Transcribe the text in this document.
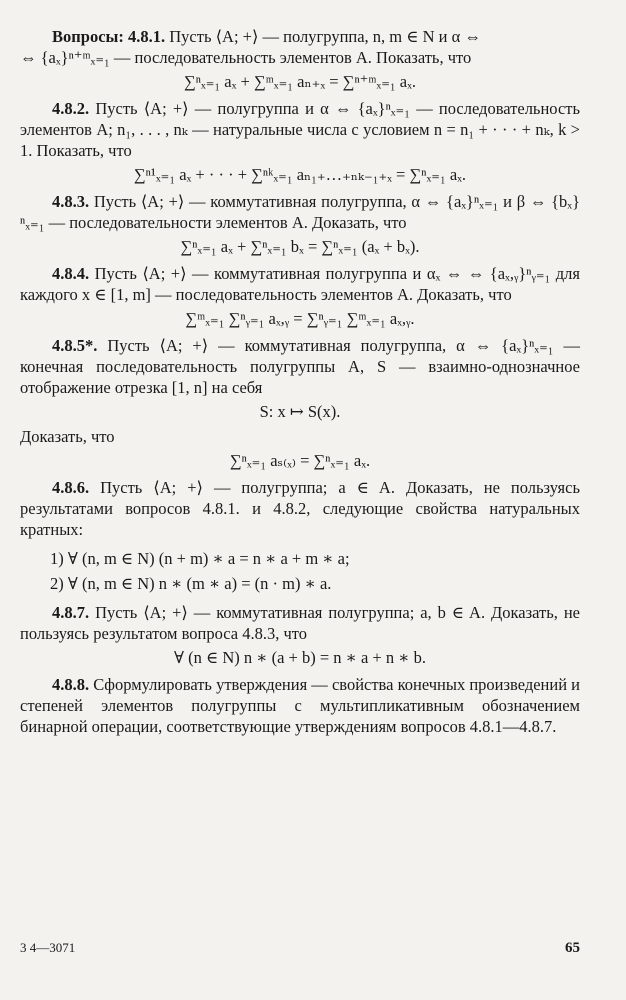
Вопросы: 4.8.1. Пусть ⟨A; +⟩ — полугруппа, n, m ∈ N и α ⇔

⇔ {aₓ}ⁿ⁺ᵐₓ₌₁ — последовательность элементов A. Показать, что

∑ⁿₓ₌₁ aₓ + ∑ᵐₓ₌₁ aₙ₊ₓ = ∑ⁿ⁺ᵐₓ₌₁ aₓ.

4.8.2. Пусть ⟨A; +⟩ — полугруппа и α ⇔ {aₓ}ⁿₓ₌₁ — последовательность элементов A; n₁, . . . , nₖ — натуральные числа с условием n = n₁ + · · · + nₖ, k > 1. Показать, что

∑ⁿ¹ₓ₌₁ aₓ + · · · + ∑ⁿᵏₓ₌₁ aₙ₁₊…₊ₙₖ₋₁₊ₓ = ∑ⁿₓ₌₁ aₓ.

4.8.3. Пусть ⟨A; +⟩ — коммутативная полугруппа, α ⇔ {aₓ}ⁿₓ₌₁ и β ⇔ {bₓ}ⁿₓ₌₁ — последовательности элементов A. Доказать, что

∑ⁿₓ₌₁ aₓ + ∑ⁿₓ₌₁ bₓ = ∑ⁿₓ₌₁ (aₓ + bₓ).

4.8.4. Пусть ⟨A; +⟩ — коммутативная полугруппа и αₓ ⇔ ⇔ {aₓ,ᵧ}ⁿᵧ₌₁ для каждого x ∈ [1, m] — последовательность элементов A. Доказать, что

∑ᵐₓ₌₁ ∑ⁿᵧ₌₁ aₓ,ᵧ = ∑ⁿᵧ₌₁ ∑ᵐₓ₌₁ aₓ,ᵧ.

4.8.5*. Пусть ⟨A; +⟩ — коммутативная полугруппа, α ⇔ {aₓ}ⁿₓ₌₁ — конечная последовательность полугруппы A, S — взаимно-однозначное отображение отрезка [1, n] на себя

S: x ↦ S(x).

Доказать, что

∑ⁿₓ₌₁ aₛ₍ₓ₎ = ∑ⁿₓ₌₁ aₓ.

4.8.6. Пусть ⟨A; +⟩ — полугруппа; a ∈ A. Доказать, не пользуясь результатами вопросов 4.8.1. и 4.8.2, следующие свойства натуральных кратных:

1) ∀ (n, m ∈ N) (n + m) ∗ a = n ∗ a + m ∗ a;
2) ∀ (n, m ∈ N) n ∗ (m ∗ a) = (n · m) ∗ a.

4.8.7. Пусть ⟨A; +⟩ — коммутативная полугруппа; a, b ∈ A. Доказать, не пользуясь результатом вопроса 4.8.3, что

∀ (n ∈ N) n ∗ (a + b) = n ∗ a + n ∗ b.

4.8.8. Сформулировать утверждения — свойства конечных произведений и степеней элементов полугруппы с мультипликативным обозначением бинарной операции, соответствующие утверждениям вопросов 4.8.1—4.8.7.

3 4—3071	65
